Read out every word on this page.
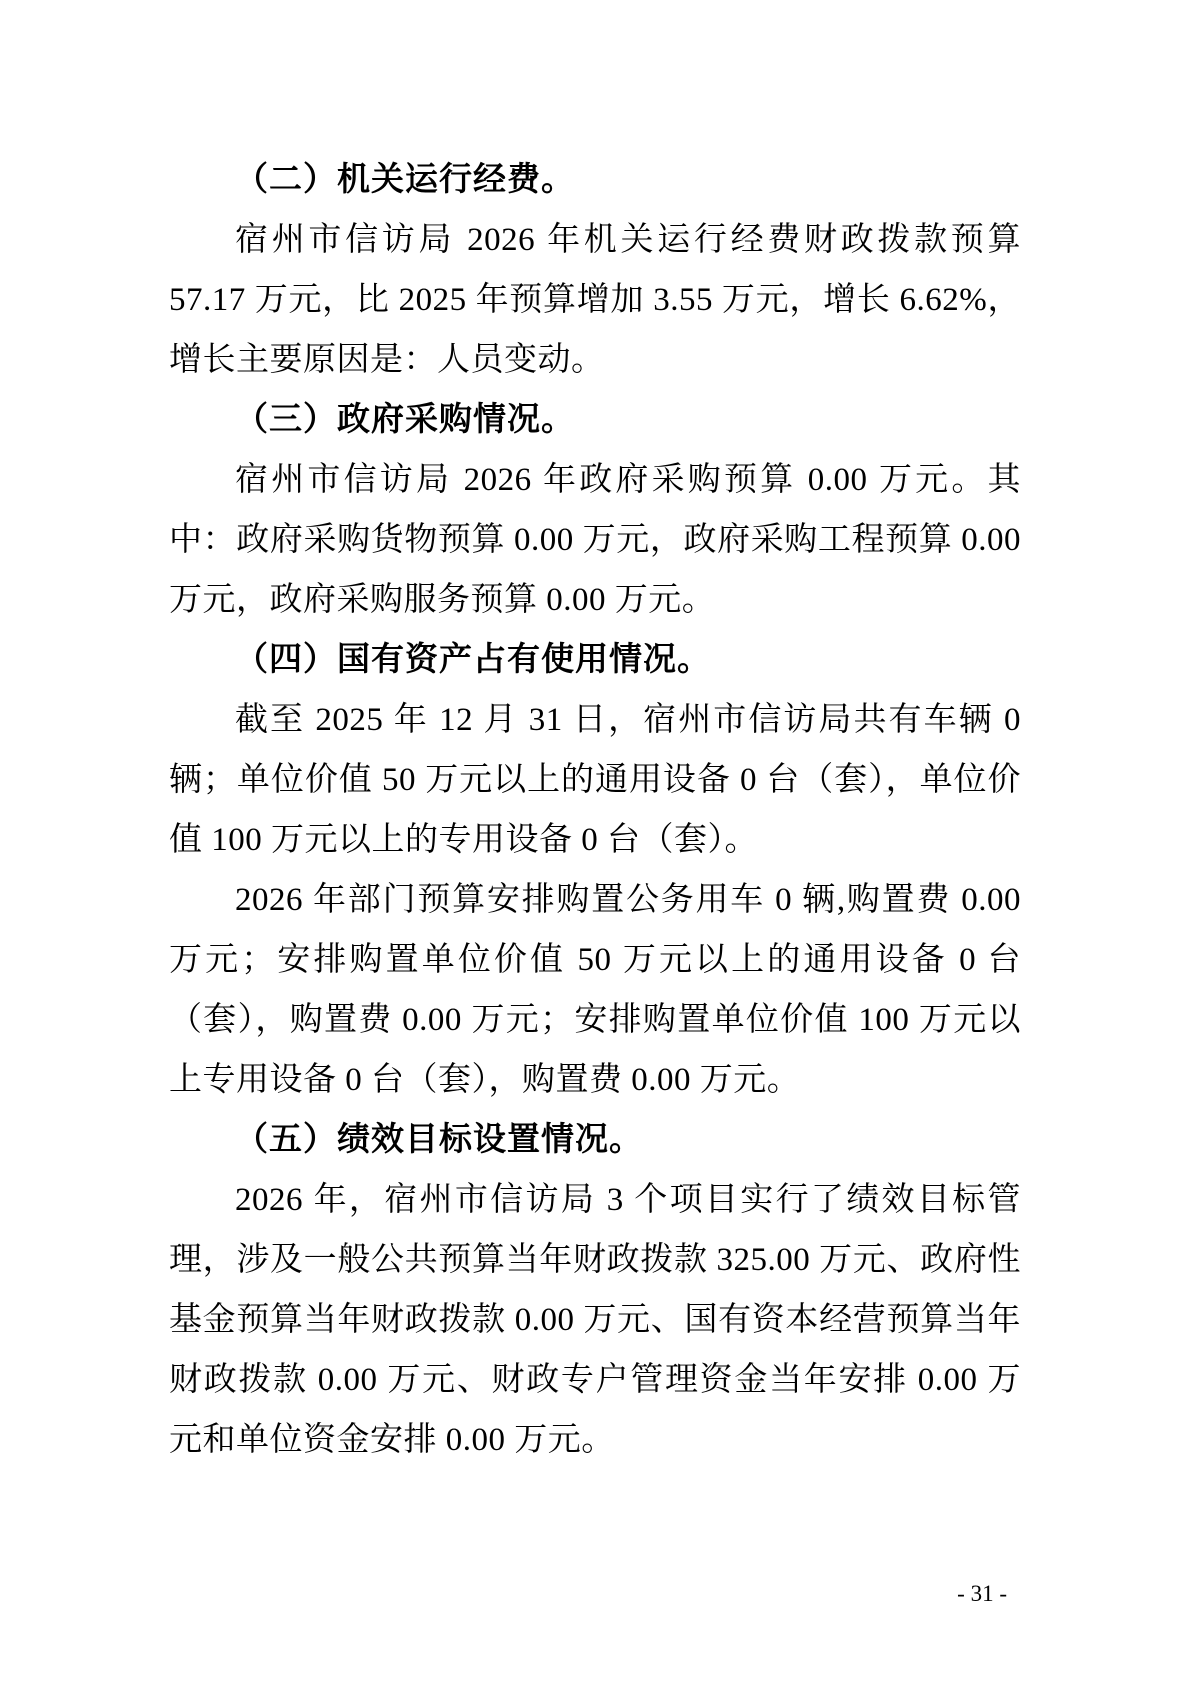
（二）机关运行经费。

宿州市信访局 2026 年机关运行经费财政拨款预算 57.17 万元，比 2025 年预算增加 3.55 万元，增长 6.62%，增长主要原因是：人员变动。

（三）政府采购情况。

宿州市信访局 2026 年政府采购预算 0.00 万元。其中：政府采购货物预算 0.00 万元，政府采购工程预算 0.00 万元，政府采购服务预算 0.00 万元。

（四）国有资产占有使用情况。

截至 2025 年 12 月 31 日，宿州市信访局共有车辆 0 辆；单位价值 50 万元以上的通用设备 0 台（套），单位价值 100 万元以上的专用设备 0 台（套）。

2026 年部门预算安排购置公务用车 0 辆,购置费 0.00 万元；安排购置单位价值 50 万元以上的通用设备 0 台（套），购置费 0.00 万元；安排购置单位价值 100 万元以上专用设备 0 台（套），购置费 0.00 万元。

（五）绩效目标设置情况。

2026 年，宿州市信访局 3 个项目实行了绩效目标管理，涉及一般公共预算当年财政拨款 325.00 万元、政府性基金预算当年财政拨款 0.00 万元、国有资本经营预算当年财政拨款 0.00 万元、财政专户管理资金当年安排 0.00 万元和单位资金安排 0.00 万元。

- 31 -
